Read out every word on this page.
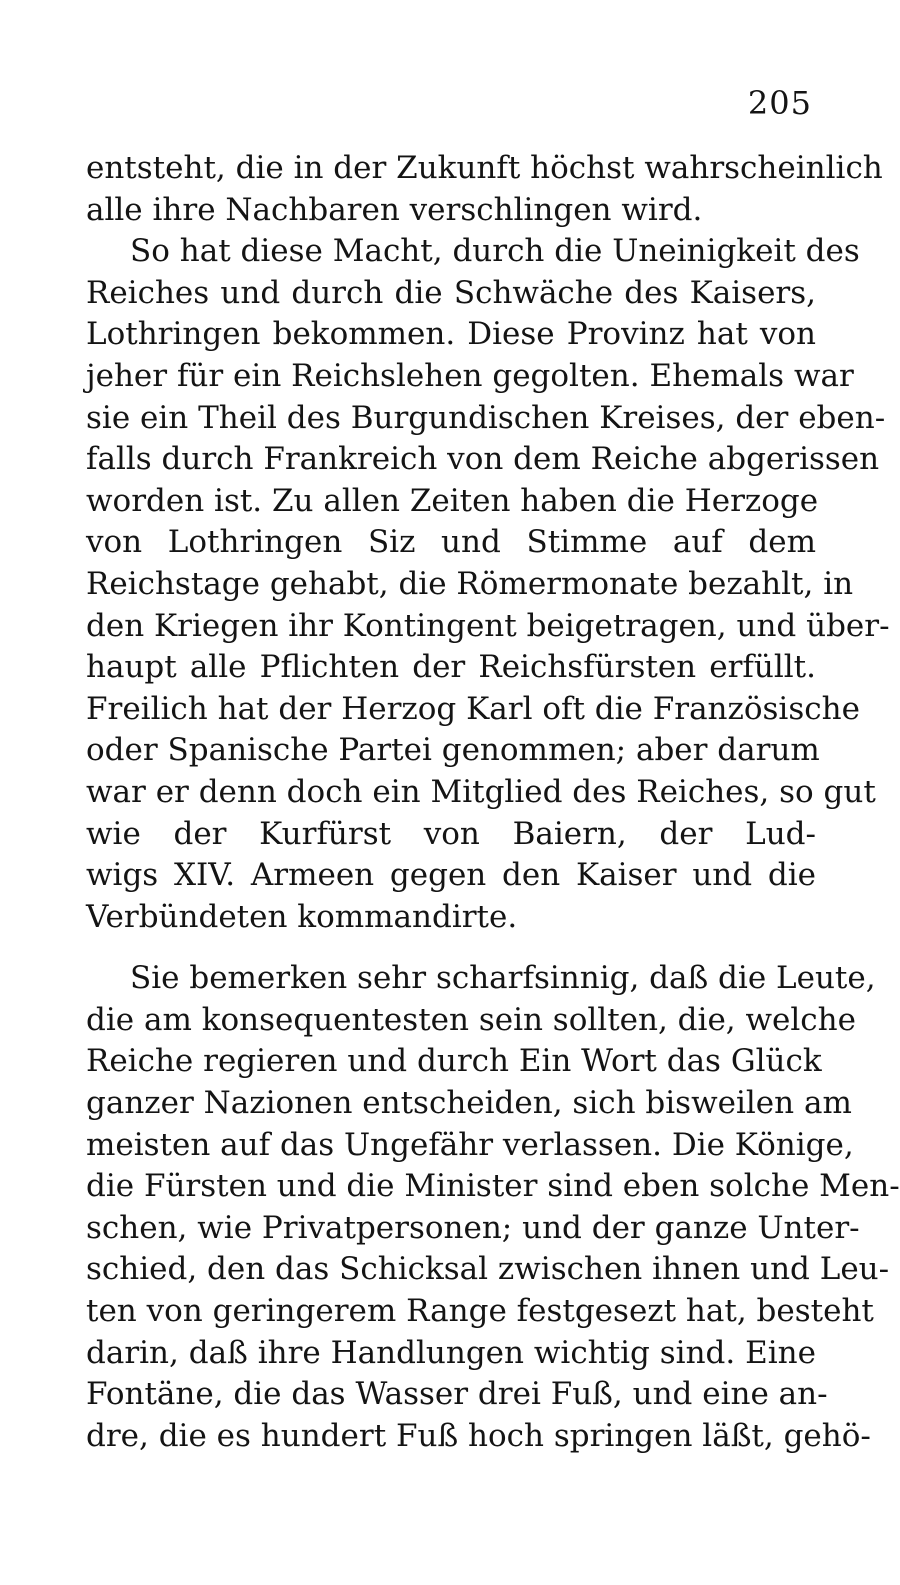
205
entsteht, die in der Zukunft höchst wahrscheinlich
alle ihre Nachbaren verschlingen wird.
So hat diese Macht, durch die Uneinigkeit des
Reiches und durch die Schwäche des Kaisers,
Lothringen bekommen. Diese Provinz hat von
jeher für ein Reichslehen gegolten. Ehemals war
sie ein Theil des Burgundischen Kreises, der eben-
falls durch Frankreich von dem Reiche abgerissen
worden ist. Zu allen Zeiten haben die Herzoge
von Lothringen Siz und Stimme auf dem
Reichstage gehabt, die Römermonate bezahlt, in
den Kriegen ihr Kontingent beigetragen, und über-
haupt alle Pflichten der Reichsfürsten erfüllt.
Freilich hat der Herzog Karl oft die Französische
oder Spanische Partei genommen; aber darum
war er denn doch ein Mitglied des Reiches, so gut
wie der Kurfürst von Baiern, der Lud-
wigs XIV. Armeen gegen den Kaiser und die
Verbündeten kommandirte.
Sie bemerken sehr scharfsinnig, daß die Leute,
die am konsequentesten sein sollten, die, welche
Reiche regieren und durch Ein Wort das Glück
ganzer Nazionen entscheiden, sich bisweilen am
meisten auf das Ungefähr verlassen. Die Könige,
die Fürsten und die Minister sind eben solche Men-
schen, wie Privatpersonen; und der ganze Unter-
schied, den das Schicksal zwischen ihnen und Leu-
ten von geringerem Range festgesezt hat, besteht
darin, daß ihre Handlungen wichtig sind. Eine
Fontäne, die das Wasser drei Fuß, und eine an-
dre, die es hundert Fuß hoch springen läßt, gehö-
